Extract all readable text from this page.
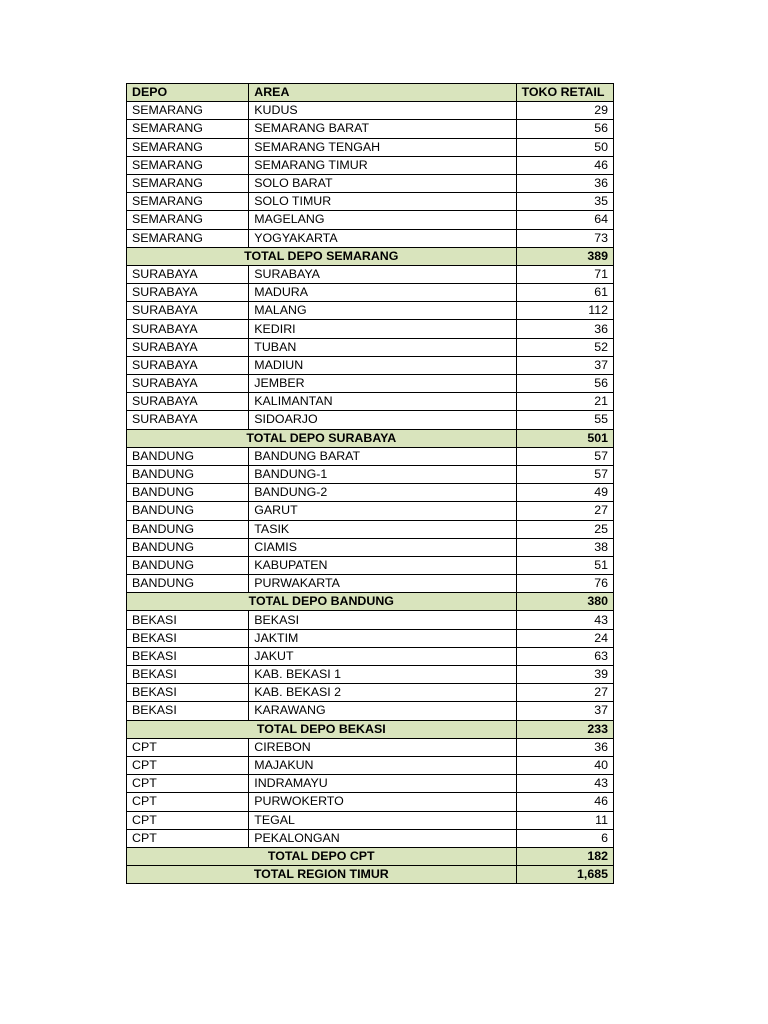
DEPO	AREA	TOKO RETAIL
SEMARANG	KUDUS	29
SEMARANG	SEMARANG BARAT	56
SEMARANG	SEMARANG TENGAH	50
SEMARANG	SEMARANG TIMUR	46
SEMARANG	SOLO BARAT	36
SEMARANG	SOLO TIMUR	35
SEMARANG	MAGELANG	64
SEMARANG	YOGYAKARTA	73
TOTAL DEPO SEMARANG		389
SURABAYA	SURABAYA	71
SURABAYA	MADURA	61
SURABAYA	MALANG	112
SURABAYA	KEDIRI	36
SURABAYA	TUBAN	52
SURABAYA	MADIUN	37
SURABAYA	JEMBER	56
SURABAYA	KALIMANTAN	21
SURABAYA	SIDOARJO	55
TOTAL DEPO SURABAYA		501
BANDUNG	BANDUNG BARAT	57
BANDUNG	BANDUNG-1	57
BANDUNG	BANDUNG-2	49
BANDUNG	GARUT	27
BANDUNG	TASIK	25
BANDUNG	CIAMIS	38
BANDUNG	KABUPATEN	51
BANDUNG	PURWAKARTA	76
TOTAL DEPO BANDUNG		380
BEKASI	BEKASI	43
BEKASI	JAKTIM	24
BEKASI	JAKUT	63
BEKASI	KAB. BEKASI 1	39
BEKASI	KAB. BEKASI 2	27
BEKASI	KARAWANG	37
TOTAL DEPO BEKASI		233
CPT	CIREBON	36
CPT	MAJAKUN	40
CPT	INDRAMAYU	43
CPT	PURWOKERTO	46
CPT	TEGAL	11
CPT	PEKALONGAN	6
TOTAL DEPO CPT		182
TOTAL REGION TIMUR		1,685
